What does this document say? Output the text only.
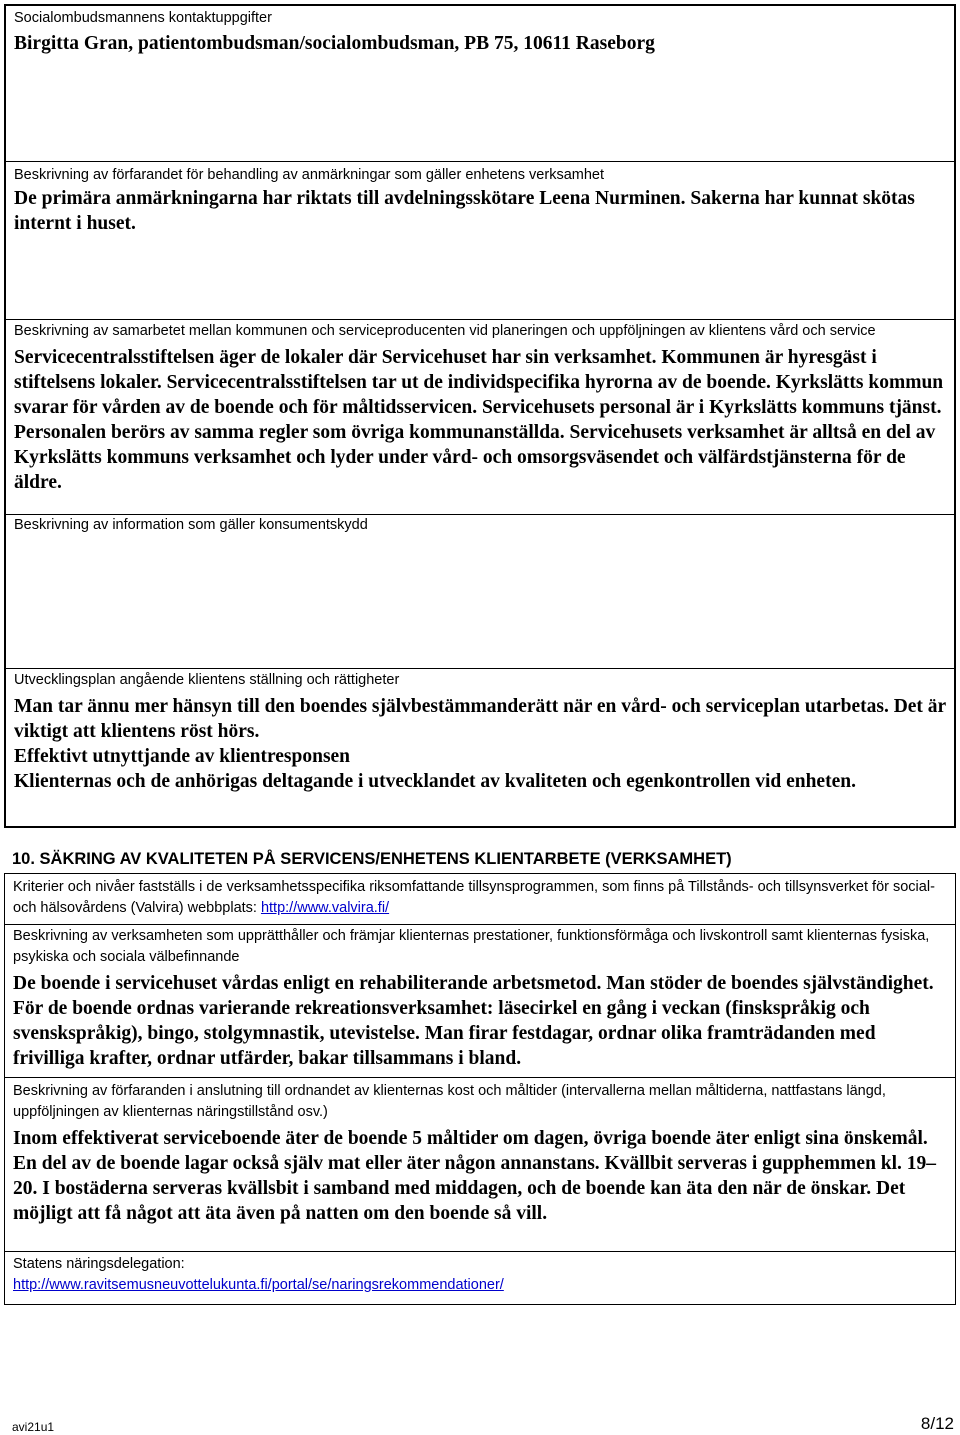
Socialombudsmannens kontaktuppgifter

Birgitta Gran, patientombudsman/socialombudsman, PB 75, 10611 Raseborg

Beskrivning av förfarandet för behandling av anmärkningar som gäller enhetens verksamhet

De primära anmärkningarna har riktats till avdelningsskötare Leena Nurminen. Sakerna har kunnat skötas internt i huset.

Beskrivning av samarbetet mellan kommunen och serviceproducenten vid planeringen och uppföljningen av klientens vård och service

Servicecentralsstiftelsen äger de lokaler där Servicehuset har sin verksamhet. Kommunen är hyresgäst i stiftelsens lokaler. Servicecentralsstiftelsen tar ut de individspecifika hyrorna av de boende. Kyrkslätts kommun svarar för vården av de boende och för måltidsservicen. Servicehusets personal är i Kyrkslätts kommuns tjänst. Personalen berörs av samma regler som övriga kommunanställda. Servicehusets verksamhet är alltså en del av Kyrkslätts kommuns verksamhet och lyder under vård- och omsorgsväsendet och välfärdstjänsterna för de äldre.

Beskrivning av information som gäller konsumentskydd

Utvecklingsplan angående klientens ställning och rättigheter

Man tar ännu mer hänsyn till den boendes självbestämmanderätt när en vård- och serviceplan utarbetas. Det är viktigt att klientens röst hörs.

Effektivt utnyttjande av klientresponsen

Klienternas och de anhörigas deltagande i utvecklandet av kvaliteten och egenkontrollen vid enheten.

10. SÄKRING AV KVALITETEN PÅ SERVICENS/ENHETENS KLIENTARBETE (VERKSAMHET)

Kriterier och nivåer fastställs i de verksamhetsspecifika riksomfattande tillsynsprogrammen, som finns på Tillstånds- och tillsynsverket för social- och hälsovårdens (Valvira) webbplats: http://www.valvira.fi/

Beskrivning av verksamheten som upprätthåller och främjar klienternas prestationer, funktionsförmåga och livskontroll samt klienternas fysiska, psykiska och sociala välbefinnande

De boende i servicehuset vårdas enligt en rehabiliterande arbetsmetod. Man stöder de boendes självständighet. För de boende ordnas varierande rekreationsverksamhet: läsecirkel en gång i veckan (finskspråkig och svenskspråkig), bingo, stolgymnastik, utevistelse. Man firar festdagar, ordnar olika framträdanden med frivilliga krafter, ordnar utfärder, bakar tillsammans i bland.

Beskrivning av förfaranden i anslutning till ordnandet av klienternas kost och måltider (intervallerna mellan måltiderna, nattfastans längd, uppföljningen av klienternas näringstillstånd osv.)

Inom effektiverat serviceboende äter de boende 5 måltider om dagen, övriga boende äter enligt sina önskemål. En del av de boende lagar också själv mat eller äter någon annanstans. Kvällbit serveras i gupphemmen kl. 19–20. I bostäderna serveras kvällsbit i samband med middagen, och de boende kan äta den när de önskar. Det möjligt att få något att äta även på natten om den boende så vill.

Statens näringsdelegation:

http://www.ravitsemusneuvottelukunta.fi/portal/se/naringsrekommendationer/

avi21u1	8/12
